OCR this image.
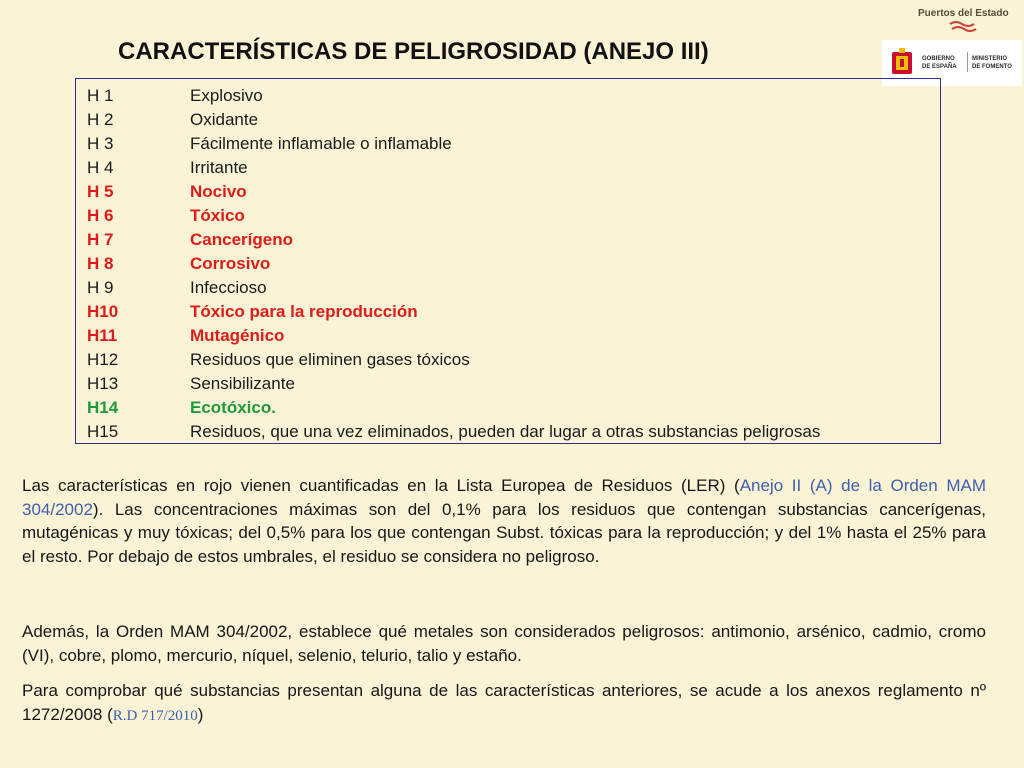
Puertos del Estado
GOBIERNO
DE ESPAÑA
MINISTERIO
DE FOMENTO
CARACTERÍSTICAS DE PELIGROSIDAD (ANEJO III)
H 1	Explosivo
H 2	Oxidante
H 3	Fácilmente inflamable o inflamable
H 4	Irritante
H 5	Nocivo
H 6	Tóxico
H 7	Cancerígeno
H 8	Corrosivo
H 9	Infeccioso
H10	Tóxico para la reproducción
H11	Mutagénico
H12	Residuos que eliminen gases tóxicos
H13	Sensibilizante
H14	Ecotóxico.
H15	Residuos, que una vez eliminados, pueden dar lugar a otras substancias peligrosas

Las características en rojo vienen cuantificadas en la Lista Europea de Residuos (LER) (Anejo II (A) de la Orden MAM 304/2002). Las concentraciones máximas son del 0,1% para los residuos que contengan substancias cancerígenas, mutagénicas y muy tóxicas; del 0,5% para los que contengan Subst. tóxicas para la reproducción; y del 1% hasta el 25% para el resto. Por debajo de estos umbrales, el residuo se considera no peligroso.

Además, la Orden MAM 304/2002, establece qué metales son considerados peligrosos: antimonio, arsénico, cadmio, cromo (VI), cobre, plomo, mercurio, níquel, selenio, telurio, talio y estaño.

Para comprobar qué substancias presentan alguna de las características anteriores, se acude a los anexos reglamento nº 1272/2008 (R.D 717/2010)
